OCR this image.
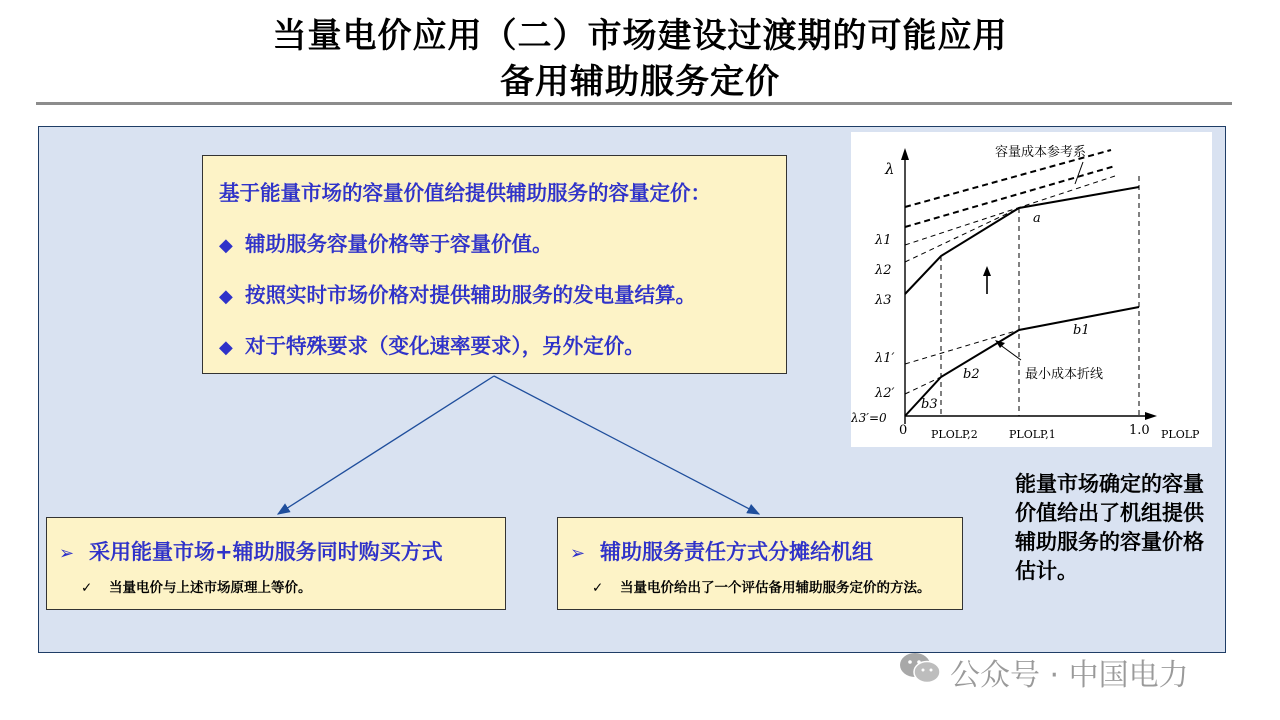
当量电价应用（二）市场建设过渡期的可能应用
备用辅助服务定价
基于能量市场的容量价值给提供辅助服务的容量定价：
◆ 辅助服务容量价格等于容量价值。
◆ 按照实时市场价格对提供辅助服务的发电量结算。
◆ 对于特殊要求（变化速率要求），另外定价。
➢ 采用能量市场+辅助服务同时购买方式
✓ 当量电价与上述市场原理上等价。
➢ 辅助服务责任方式分摊给机组
✓ 当量电价给出了一个评估备用辅助服务定价的方法。
λ
容量成本参考系
最小成本折线
λ1
λ2
λ3
λ1′
λ2′
λ3′=0
a
b1
b2
b3
0 PLOLP,2	PLOLP,1	1.0 PLOLP
能量市场确定的容量价值给出了机组提供辅助服务的容量价格估计。
公众号 · 中国电力
